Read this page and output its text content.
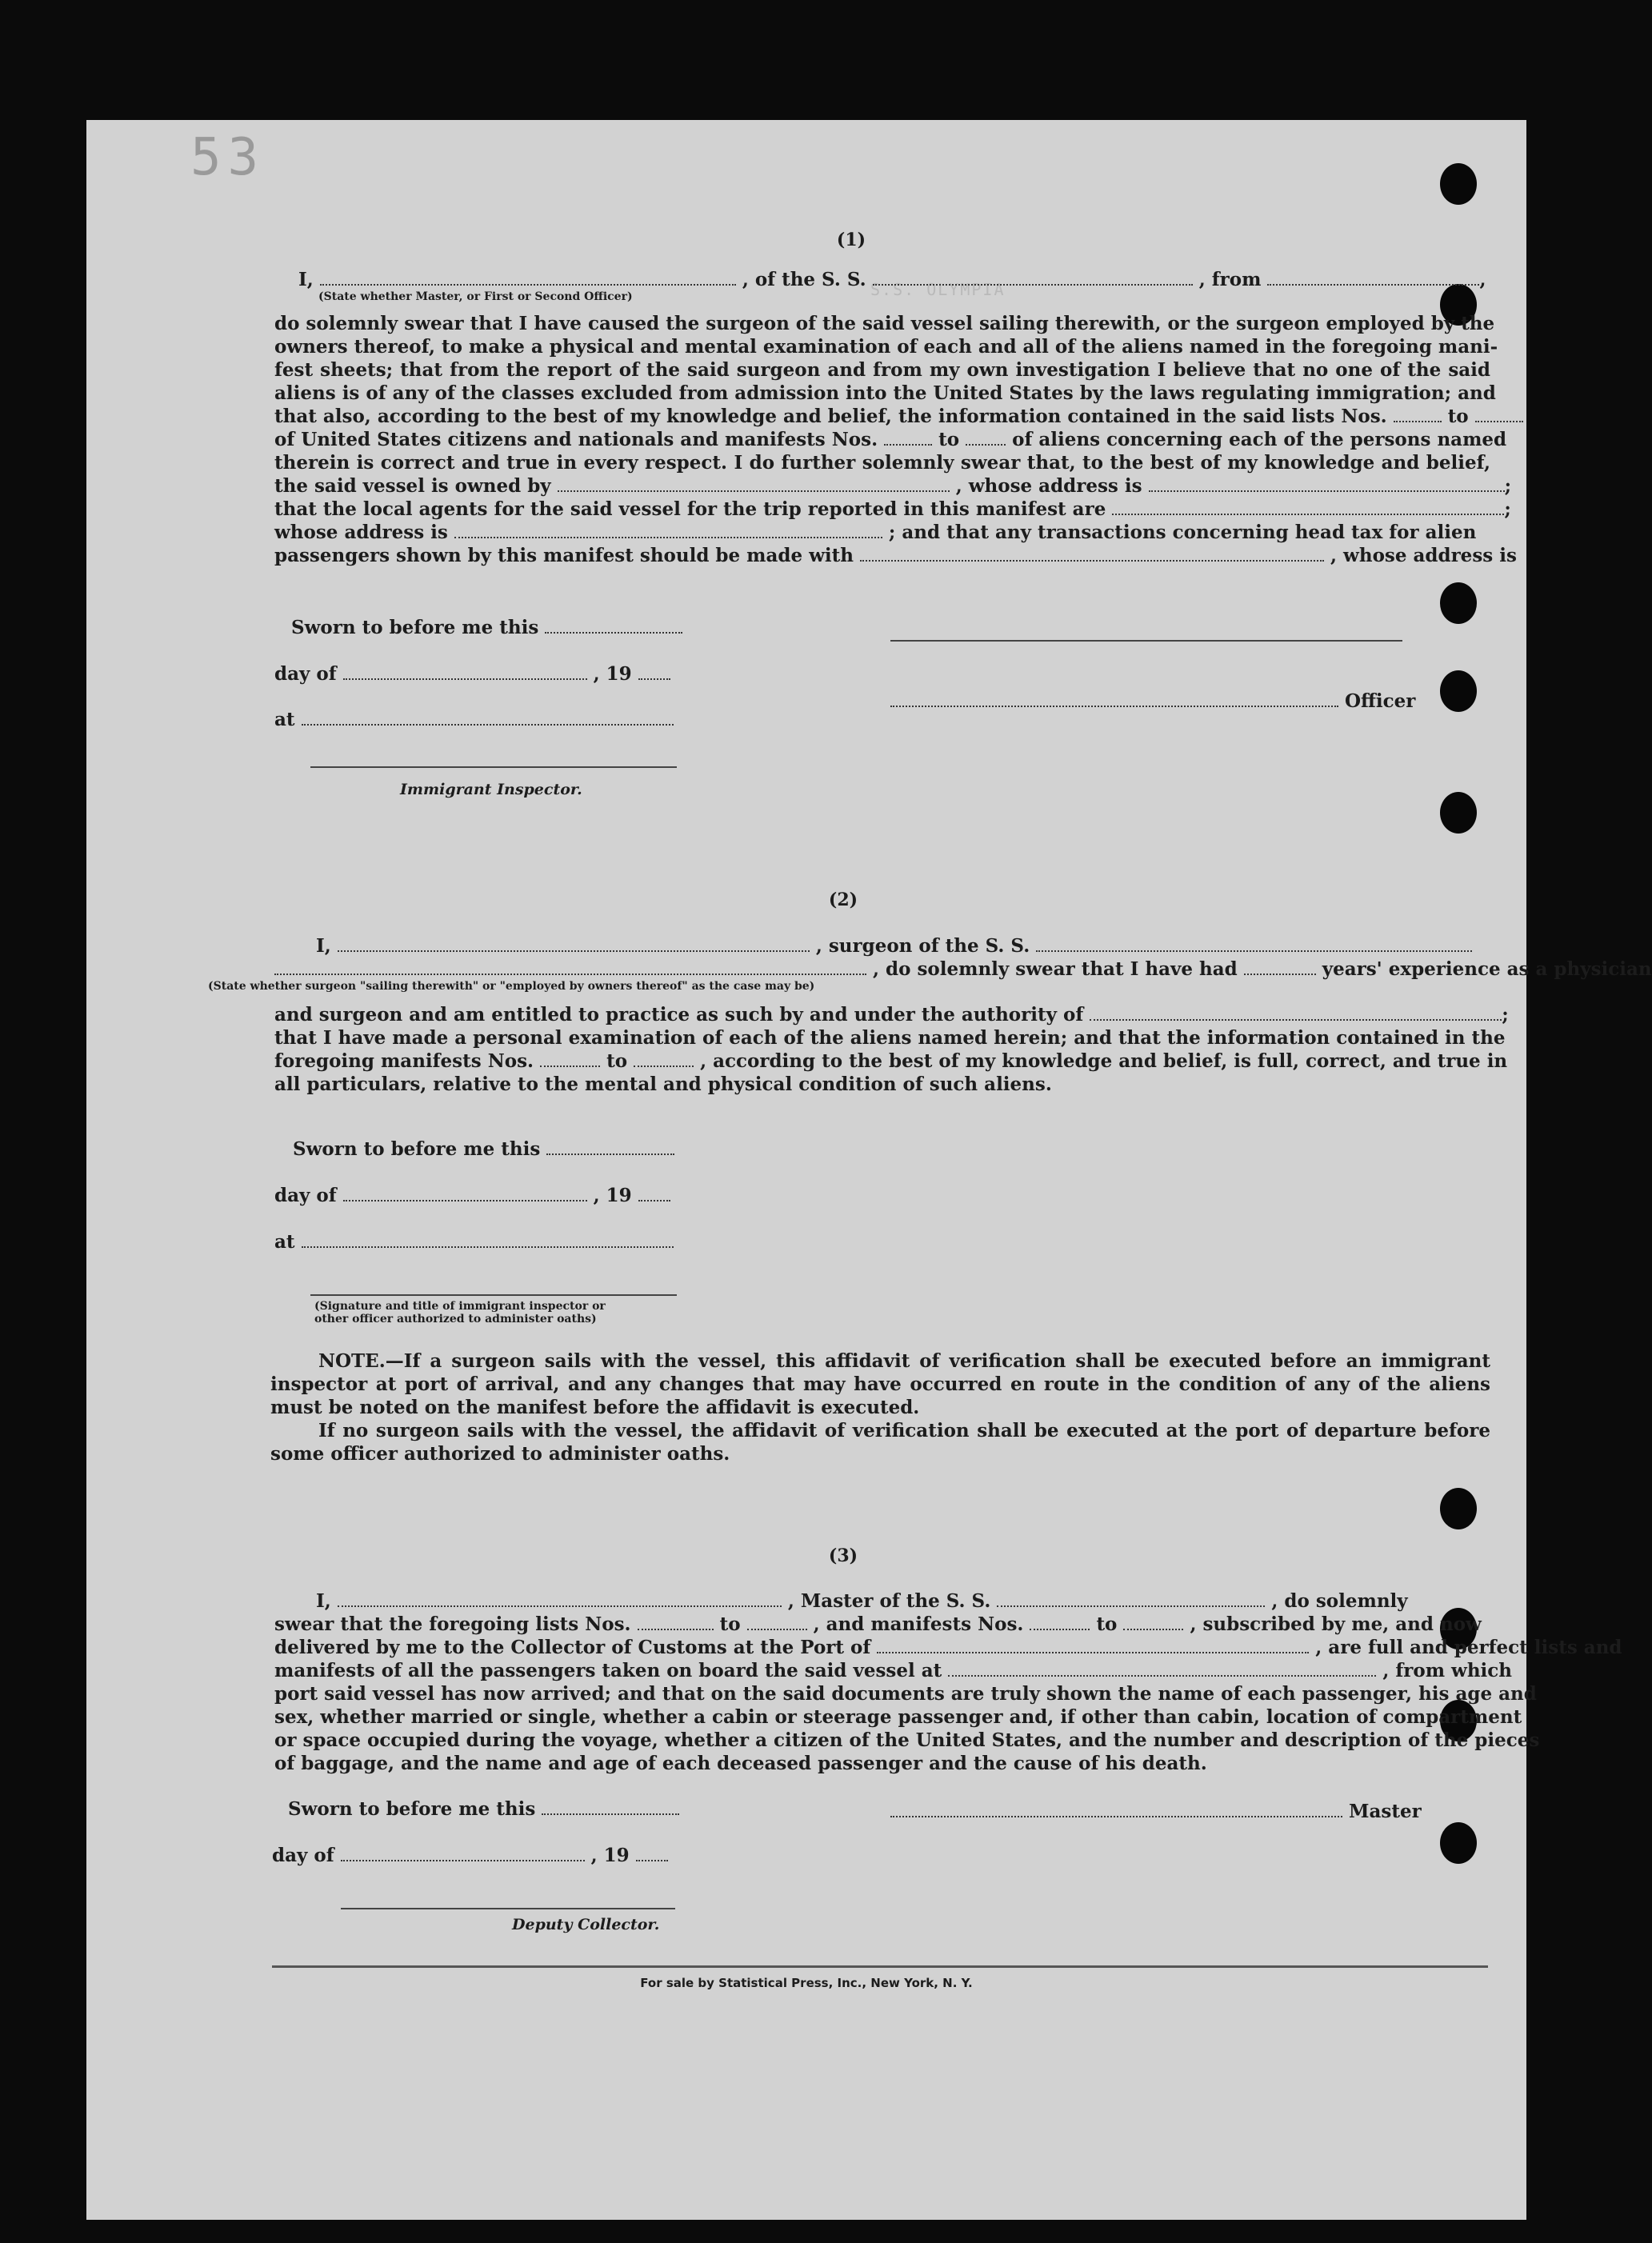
53
S.S. OLYMPIA
(1)
I,	, of the S. S.	, from	,
(State whether Master, or First or Second Officer)
do solemnly swear that I have caused the surgeon of the said vessel sailing therewith, or the surgeon employed by the
owners thereof, to make a physical and mental examination of each and all of the aliens named in the foregoing mani-
fest sheets; that from the report of the said surgeon and from my own investigation I believe that no one of the said
aliens is of any of the classes excluded from admission into the United States by the laws regulating immigration; and
that also, according to the best of my knowledge and belief, the information contained in the said lists Nos.	to
of United States citizens and nationals and manifests Nos.	to	of aliens concerning each of the persons named
therein is correct and true in every respect. I do further solemnly swear that, to the best of my knowledge and belief,
the said vessel is owned by	, whose address is	;
that the local agents for the said vessel for the trip reported in this manifest are	;
whose address is	; and that any transactions concerning head tax for alien
passengers shown by this manifest should be made with	, whose address is
Sworn to before me this
day of	, 19
at
Immigrant Inspector.
Officer
(2)
I,	, surgeon of the S. S.
, do solemnly swear that I have had	years' experience as a physician
(State whether surgeon "sailing therewith" or "employed by owners thereof" as the case may be)
and surgeon and am entitled to practice as such by and under the authority of	;
that I have made a personal examination of each of the aliens named herein; and that the information contained in the
foregoing manifests Nos.	to	, according to the best of my knowledge and belief, is full, correct, and true in
all particulars, relative to the mental and physical condition of such aliens.
Sworn to before me this
day of	, 19
at
(Signature and title of immigrant inspector or
other officer authorized to administer oaths)

NOTE.—If a surgeon sails with the vessel, this affidavit of verification shall be executed before an immigrant inspector at port of arrival, and any changes that may have occurred en route in the condition of any of the aliens must be noted on the manifest before the affidavit is executed.

If no surgeon sails with the vessel, the affidavit of verification shall be executed at the port of departure before some officer authorized to administer oaths.

(3)
I,	, Master of the S. S.	, do solemnly
swear that the foregoing lists Nos.	to	, and manifests Nos.	to	, subscribed by me, and now
delivered by me to the Collector of Customs at the Port of	, are full and perfect lists and
manifests of all the passengers taken on board the said vessel at	, from which
port said vessel has now arrived; and that on the said documents are truly shown the name of each passenger, his age and
sex, whether married or single, whether a cabin or steerage passenger and, if other than cabin, location of compartment
or space occupied during the voyage, whether a citizen of the United States, and the number and description of the pieces
of baggage, and the name and age of each deceased passenger and the cause of his death.
Sworn to before me this	Master
day of	, 19
Deputy Collector.
For sale by Statistical Press, Inc., New York, N. Y.
